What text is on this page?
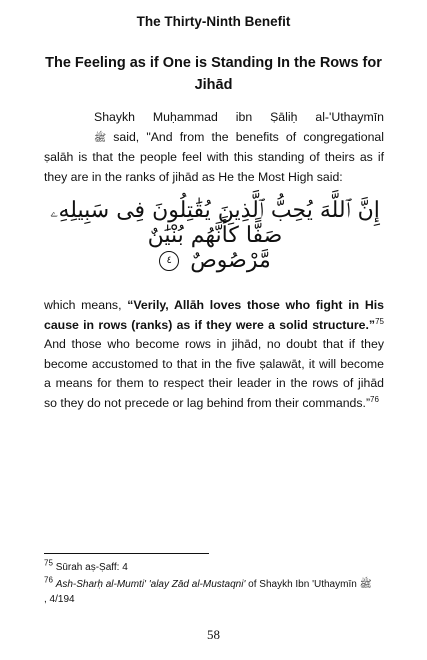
The Thirty-Ninth Benefit
The Feeling as if One is Standing In the Rows for Jihād
Shaykh Muḥammad ibn Ṣāliḥ al-'Uthaymīn ﷺ said, "And from the benefits of congregational ṣalāh is that the people feel with this standing of theirs as if they are in the ranks of jihād as He the Most High said:
إِنَّ ٱللَّهَ يُحِبُّ ٱلَّذِينَ يُقَٰتِلُونَ فِى سَبِيلِهِۦ صَفًّا كَأَنَّهُم بُنْيَٰنٌ
مَّرْصُوصٌ ٤
which means, “Verily, Allāh loves those who fight in His cause in rows (ranks) as if they were a solid structure.”$^{75}$ And those who become rows in jihād, no doubt that if they become accustomed to that in the five ṣalawāt, it will become a means for them to respect their leader in the rows of jihād so they do not precede or lag behind from their commands.”$^{76}$
$^{75}$ Sūrah aṣ-Ṣaff: 4
$^{76}$ Ash-Sharḥ al-Mumti' 'alay Zād al-Mustaqni' of Shaykh Ibn 'Uthaymīn ﷺ
, 4/194
58
